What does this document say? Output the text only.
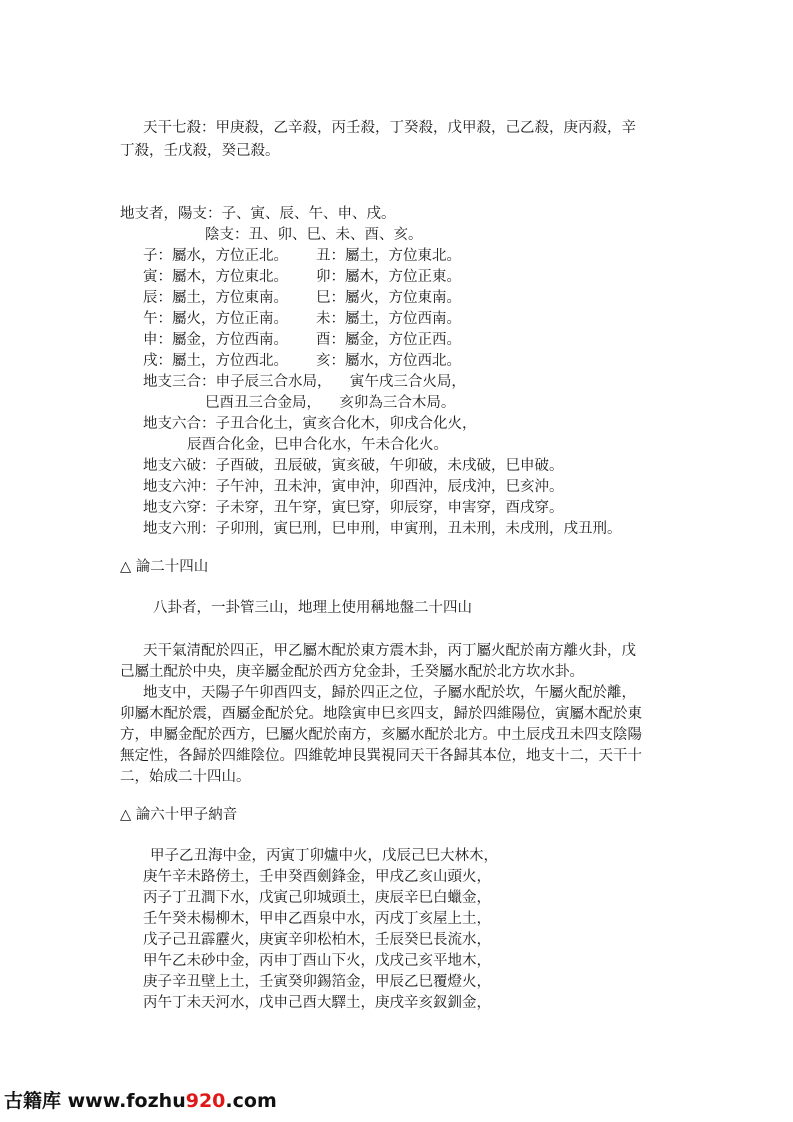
天干七殺：甲庚殺，乙辛殺，丙壬殺，丁癸殺，戊甲殺，己乙殺，庚丙殺，辛
丁殺，壬戊殺，癸己殺。
地支者，陽支：子、寅、辰、午、申、戌。
陰支：丑、卯、巳、未、酉、亥。
子：屬水，方位正北。 丑：屬土，方位東北。
寅：屬木，方位東北。 卯：屬木，方位正東。
辰：屬土，方位東南。 巳：屬火，方位東南。
午：屬火，方位正南。 未：屬土，方位西南。
申：屬金，方位西南。 酉：屬金，方位正西。
戌：屬土，方位西北。 亥：屬水，方位西北。
地支三合：申子辰三合水局，    寅午戌三合火局，
巳酉丑三合金局，    亥卯為三合木局。
地支六合：子丑合化土，寅亥合化木，卯戌合化火，
辰酉合化金，巳申合化水，午未合化火。
地支六破：子酉破，丑辰破，寅亥破，午卯破，未戌破，巳申破。
地支六沖：子午沖，丑未沖，寅申沖，卯酉沖，辰戌沖，巳亥沖。
地支六穿：子未穿，丑午穿，寅巳穿，卯辰穿，申害穿，酉戌穿。
地支六刑：子卯刑，寅巳刑，巳申刑，申寅刑，丑未刑，未戌刑，戌丑刑。
△ 論二十四山
八卦者，一卦管三山，地理上使用稱地盤二十四山
天干氣清配於四正，甲乙屬木配於東方震木卦，丙丁屬火配於南方離火卦，戊
己屬土配於中央，庚辛屬金配於西方兌金卦，壬癸屬水配於北方坎水卦。
地支中，天陽子午卯酉四支，歸於四正之位，子屬水配於坎，午屬火配於離，
卯屬木配於震，酉屬金配於兌。地陰寅申巳亥四支，歸於四維陽位，寅屬木配於東
方，申屬金配於西方，巳屬火配於南方，亥屬水配於北方。中土辰戌丑未四支陰陽
無定性，各歸於四維陰位。四維乾坤艮巽視同天干各歸其本位，地支十二，天干十
二，始成二十四山。
△ 論六十甲子納音
甲子乙丑海中金，丙寅丁卯爐中火，戊辰己巳大林木，
庚午辛未路傍土，壬申癸酉劍鋒金，甲戌乙亥山頭火，
丙子丁丑澗下水，戊寅己卯城頭土，庚辰辛巳白蠟金，
壬午癸未楊柳木，甲申乙酉泉中水，丙戌丁亥屋上土，
戊子己丑霹靂火，庚寅辛卯松柏木，壬辰癸巳長流水，
甲午乙未砂中金，丙申丁酉山下火，戊戌己亥平地木，
庚子辛丑壁上土，壬寅癸卯錫箔金，甲辰乙巳覆燈火，
丙午丁未天河水，戊申己酉大驛土，庚戌辛亥釵釧金，
古籍库 www.fozhu920.com
